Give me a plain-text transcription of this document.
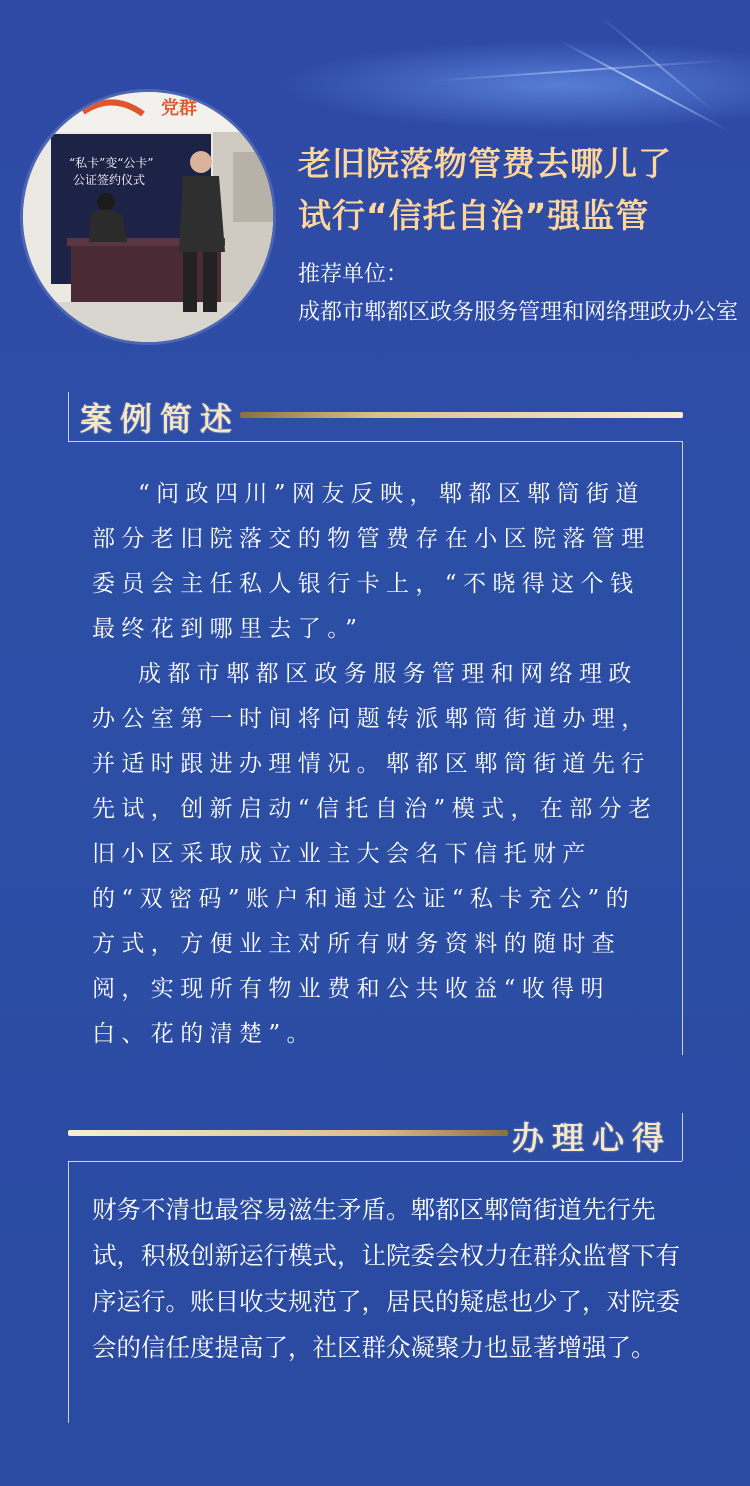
党群
“私卡”变“公卡”
公证签约仪式	老旧院落物管费去哪儿了
试行“信托自治”强监管
推荐单位：
成都市郫都区政务服务管理和网络理政办公室
案例简述

“问政四川”网友反映，郫都区郫筒街道部分老旧院落交的物管费存在小区院落管理委员会主任私人银行卡上，“不晓得这个钱最终花到哪里去了。”

成都市郫都区政务服务管理和网络理政办公室第一时间将问题转派郫筒街道办理，并适时跟进办理情况。郫都区郫筒街道先行先试，创新启动“信托自治”模式，在部分老旧小区采取成立业主大会名下信托财产的“双密码”账户和通过公证“私卡充公”的方式，方便业主对所有财务资料的随时查阅，实现所有物业费和公共收益“收得明白、花的清楚”。

办理心得
财务不清也最容易滋生矛盾。郫都区郫筒街道先行先试，积极创新运行模式，让院委会权力在群众监督下有序运行。账目收支规范了，居民的疑虑也少了，对院委会的信任度提高了，社区群众凝聚力也显著增强了。
